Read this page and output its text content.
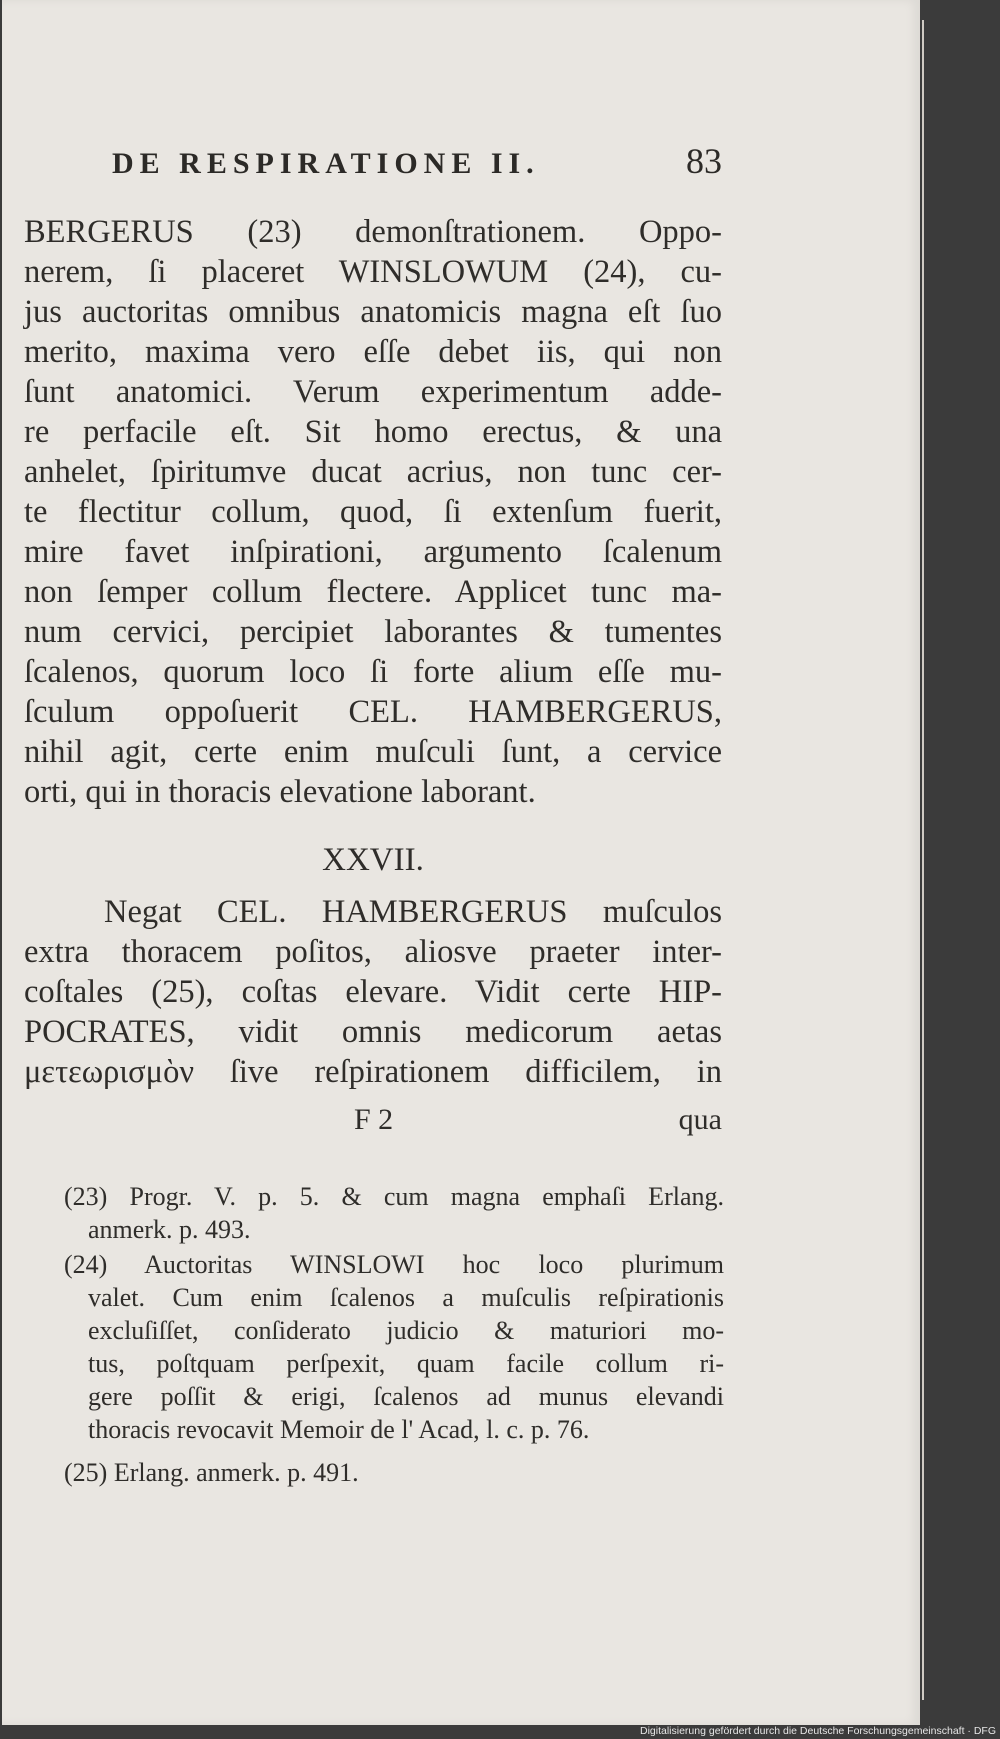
DE RESPIRATIONE II.	83
BERGERUS (23) demonſtrationem. Oppo-
nerem, ſi placeret WINSLOWUM (24), cu-
jus auctoritas omnibus anatomicis magna eſt ſuo
merito, maxima vero eſſe debet iis, qui non
ſunt anatomici. Verum experimentum adde-
re perfacile eſt. Sit homo erectus, & una
anhelet, ſpiritumve ducat acrius, non tunc cer-
te flectitur collum, quod, ſi extenſum fuerit,
mire favet inſpirationi, argumento ſcalenum
non ſemper collum flectere. Applicet tunc ma-
num cervici, percipiet laborantes & tumentes
ſcalenos, quorum loco ſi forte alium eſſe mu-
ſculum oppoſuerit CEL. HAMBERGERUS,
nihil agit, certe enim muſculi ſunt, a cervice
orti, qui in thoracis elevatione laborant.
XXVII.
Negat CEL. HAMBERGERUS muſculos
extra thoracem poſitos, aliosve praeter inter-
coſtales (25), coſtas elevare. Vidit certe HIP-
POCRATES, vidit omnis medicorum aetas
μετεωρισμὸν ſive reſpirationem difficilem, in
F 2	qua
(23) Progr. V. p. 5. & cum magna emphaſi Erlang.
anmerk. p. 493.
(24) Auctoritas WINSLOWI hoc loco plurimum
valet. Cum enim ſcalenos a muſculis reſpirationis
excluſiſſet, conſiderato judicio & maturiori mo-
tus, poſtquam perſpexit, quam facile collum ri-
gere poſſit & erigi, ſcalenos ad munus elevandi
thoracis revocavit Memoir de l' Acad, l. c. p. 76.
(25) Erlang. anmerk. p. 491.
Digitalisierung gefördert durch die Deutsche Forschungsgemeinschaft · DFG
